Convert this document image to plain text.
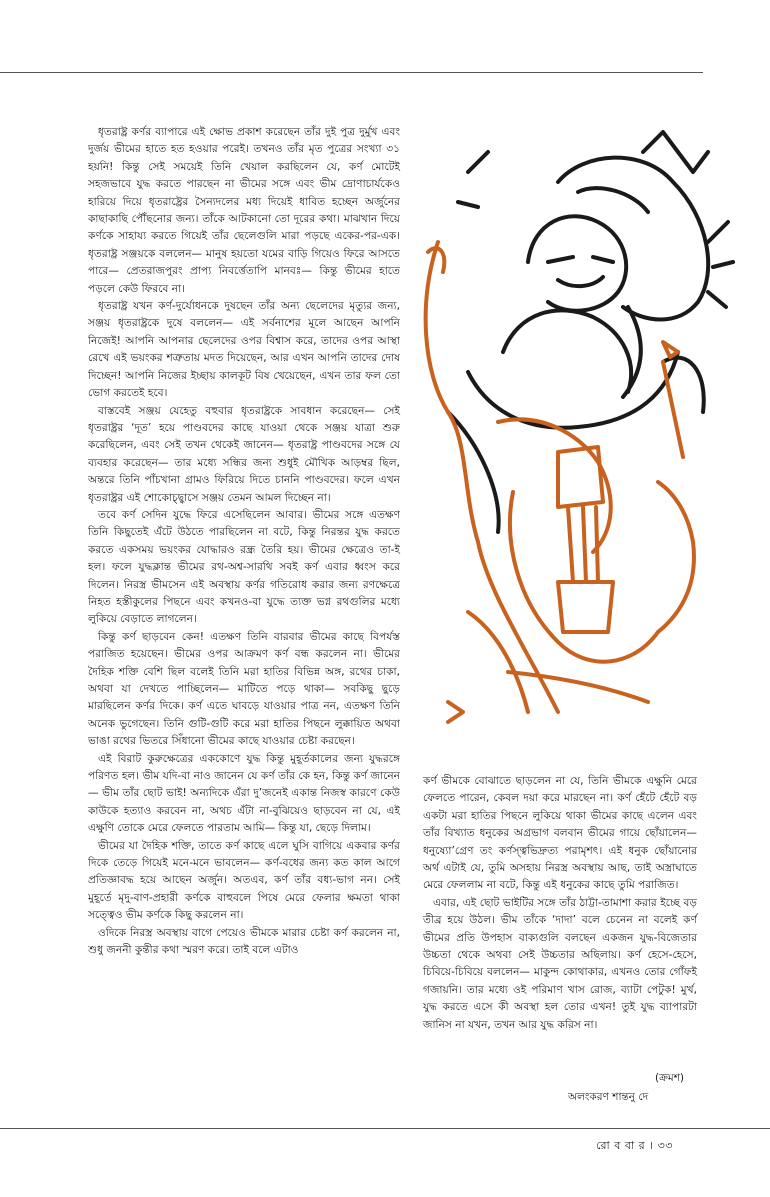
ধৃতরাষ্ট্র কর্ণর ব্যাপারে এই ক্ষোভ প্রকাশ করেছেন তাঁর দুই পুত্র দুর্মুখ এবং দুর্জয় ভীমের হাতে হত হওয়ার পরেই। তখনও তাঁর মৃত পুত্রের সংখ্যা ৩১ হয়নি! কিন্তু সেই সময়েই তিনি খেয়াল করছিলেন যে, কর্ণ মোটেই সহজভাবে যুদ্ধ করতে পারছেন না ভীমের সঙ্গে এবং ভীম দ্রোণাচার্যকেও হারিয়ে দিয়ে ধৃতরাষ্ট্রের সৈন্যদলের মধ্য দিয়েই ধাবিত হচ্ছেন অর্জুনের কাছাকাছি পৌঁছনোর জন্য। তাঁকে আটকানো তো দূরের কথা। মাঝখান দিয়ে কর্ণকে সাহায্য করতে গিয়েই তাঁর ছেলেগুলি মারা পড়ছে একের-পর-এক। ধৃতরাষ্ট্র সঞ্জয়কে বললেন— মানুষ হয়তো যমের বাড়ি গিয়েও ফিরে আসতে পারে— প্রেতরাজপুরং প্রাপ্য নিবর্ত্তেতাপি মানবঃ— কিন্তু ভীমের হাতে পড়লে কেউ ফিরবে না।

ধৃতরাষ্ট্র যখন কর্ণ-দুর্যোধনকে দুষছেন তাঁর অন্য ছেলেদের মৃত্যুর জন্য, সঞ্জয় ধৃতরাষ্ট্রকে দুষে বললেন— এই সর্বনাশের মূলে আছেন আপনি নিজেই! আপনি আপনার ছেলেদের ওপর বিশ্বাস করে, তাদের ওপর আস্থা রেখে এই ভয়ংকর শত্রুতায় মদত দিয়েছেন, আর এখন আপনি তাদের দোষ দিচ্ছেন! আপনি নিজের ইচ্ছায় কালকূট বিষ খেয়েছেন, এখন তার ফল তো ভোগ করতেই হবে।

বাস্তবেই সঞ্জয় যেহেতু বহুবার ধৃতরাষ্ট্রকে সাবধান করেছেন— সেই ধৃতরাষ্ট্রর ‘দূত’ হয়ে পাণ্ডবদের কাছে যাওয়া থেকে সঞ্জয় যাত্রা শুরু করেছিলেন, এবং সেই তখন থেকেই জানেন— ধৃতরাষ্ট্র পাণ্ডবদের সঙ্গে যে ব্যবহার করেছেন— তার মধ্যে সন্ধির জন্য শুধুই মৌখিক আড়ম্বর ছিল, অন্তরে তিনি পাঁচখানা গ্রামও ফিরিয়ে দিতে চাননি পাণ্ডবদের। ফলে এখন ধৃতরাষ্ট্রর এই শোকোচ্ছ্বাসে সঞ্জয় তেমন আমল দিচ্ছেন না।

তবে কর্ণ সেদিন যুদ্ধে ফিরে এসেছিলেন আবার। ভীমের সঙ্গে এতক্ষণ তিনি কিছুতেই এঁটে উঠতে পারছিলেন না বটে, কিন্তু নিরন্তর যুদ্ধ করতে করতে একসময় ভয়ংকর যোদ্ধারও রন্ধ্র তৈরি হয়। ভীমের ক্ষেত্রেও তা-ই হল। ফলে যুদ্ধক্লান্ত ভীমের রথ-অশ্ব-সারথি সবই কর্ণ এবার ধ্বংস করে দিলেন। নিরস্ত্র ভীমসেন এই অবস্থায় কর্ণর গতিরোধ করার জন্য রণক্ষেত্রে নিহত হস্তীকুলের পিছনে এবং কখনও-বা যুদ্ধে ত্যক্ত ভগ্ন রথগুলির মধ্যে লুকিয়ে বেড়াতে লাগলেন।

কিন্তু কর্ণ ছাড়বেন কেন! এতক্ষণ তিনি বারবার ভীমের কাছে বিপর্যস্ত পরাজিত হয়েছেন। ভীমের ওপর আক্রমণ কর্ণ বন্ধ করলেন না। ভীমের দৈহিক শক্তি বেশি ছিল বলেই তিনি মরা হাতির বিভিন্ন অঙ্গ, রথের চাকা, অথবা যা দেখতে পাচ্ছিলেন— মাটিতে পড়ে থাকা— সবকিছু ছুড়ে মারছিলেন কর্ণর দিকে। কর্ণ এতে ঘাবড়ে যাওয়ার পাত্র নন, এতক্ষণ তিনি অনেক ভুগেছেন। তিনি গুটি-গুটি করে মরা হাতির পিছনে লুক্কায়িত অথবা ভাঙা রথের ভিতরে সিঁধানো ভীমের কাছে যাওয়ার চেষ্টা করছেন।

এই বিরাট কুরুক্ষেত্রের এককোণে যুদ্ধ কিন্তু মুহূর্তকালের জন্য যুদ্ধরঙ্গে পরিণত হল। ভীম যদি-বা নাও জানেন যে কর্ণ তাঁর কে হন, কিন্তু কর্ণ জানেন— ভীম তাঁর ছোট ভাই! অন্যদিকে এঁরা দু’জনেই একান্ত নিজস্ব কারণে কেউ কাউকে হত্যাও করবেন না, অথচ এঁটা না-বুঝিয়েও ছাড়বেন না যে, এই এক্ষুণি তোকে মেরে ফেলতে পারতাম আমি— কিন্তু যা, ছেড়ে দিলাম।

ভীমের যা দৈহিক শক্তি, তাতে কর্ণ কাছে এলে ঘুসি বাগিয়ে একবার কর্ণর দিকে তেড়ে গিয়েই মনে-মনে ভাবলেন— কর্ণ-বধের জন্য কত কাল আগে প্রতিজ্ঞাবদ্ধ হয়ে আছেন অর্জুন। অতএব, কর্ণ তাঁর বধ্য-ভাগ নন। সেই মুহূর্তে মৃদু-বাণ-প্রহারী কর্ণকে বাহুবলে পিষে মেরে ফেলার ক্ষমতা থাকা সত্ত্বেও ভীম কর্ণকে কিছু করলেন না।

ওদিকে নিরস্ত্র অবস্থায় বাগে পেয়েও ভীমকে মারার চেষ্টা কর্ণ করলেন না, শুধু জননী কুন্তীর কথা স্মরণ করে। তাই বলে এটাও

কর্ণ ভীমকে বোঝাতে ছাড়লেন না যে, তিনি ভীমকে এক্ষুনি মেরে ফেলতে পারেন, কেবল দয়া করে মারছেন না। কর্ণ হেঁটে হেঁটে বড় একটা মরা হাতির পিছনে লুকিয়ে থাকা ভীমের কাছে এলেন এবং তাঁর বিখ্যাত ধনুকের অগ্রভাগ বলবান ভীমের গায়ে ছোঁয়ালেন— ধনুষ্যো’গ্রেণ তং কর্ণস্ত্বভিদ্রুত্য পরামৃশৎ। এই ধনুক ছোঁয়ানোর অর্থ এটাই যে, তুমি অসহায় নিরস্ত্র অবস্থায় আছ, তাই অস্ত্রাঘাতে মেরে ফেললাম না বটে, কিন্তু এই ধনুকের কাছে তুমি পরাজিত।

এবার, এই ছোট ভাইটির সঙ্গে তাঁর ঠাট্টা-তামাশা করার ইচ্ছে বড় তীব্র হয়ে উঠল। ভীম তাঁকে ‘দাদা’ বলে চেনেন না বলেই কর্ণ ভীমের প্রতি উপহাস বাক্যগুলি বলছেন একজন যুদ্ধ-বিজেতার উচ্চতা থেকে অথবা সেই উচ্চতার অছিলায়। কর্ণ হেসে-হেসে, চিবিয়ে-চিবিয়ে বললেন— মাকুন্দ কোথাকার, এখনও তোর গোঁফই গজায়নি। তার মধ্যে ওই পরিমাণ খাস রোজ, ব্যাটা পেটুক! মুর্খ, যুদ্ধ করতে এসে কী অবস্থা হল তোর এখন! তুই যুদ্ধ ব্যাপারটা জানিস না যখন, তখন আর যুদ্ধ করিস না।

(ক্রমশ)
অলংকরণ শান্তনু দে
রো ব বা র । ৩৩
